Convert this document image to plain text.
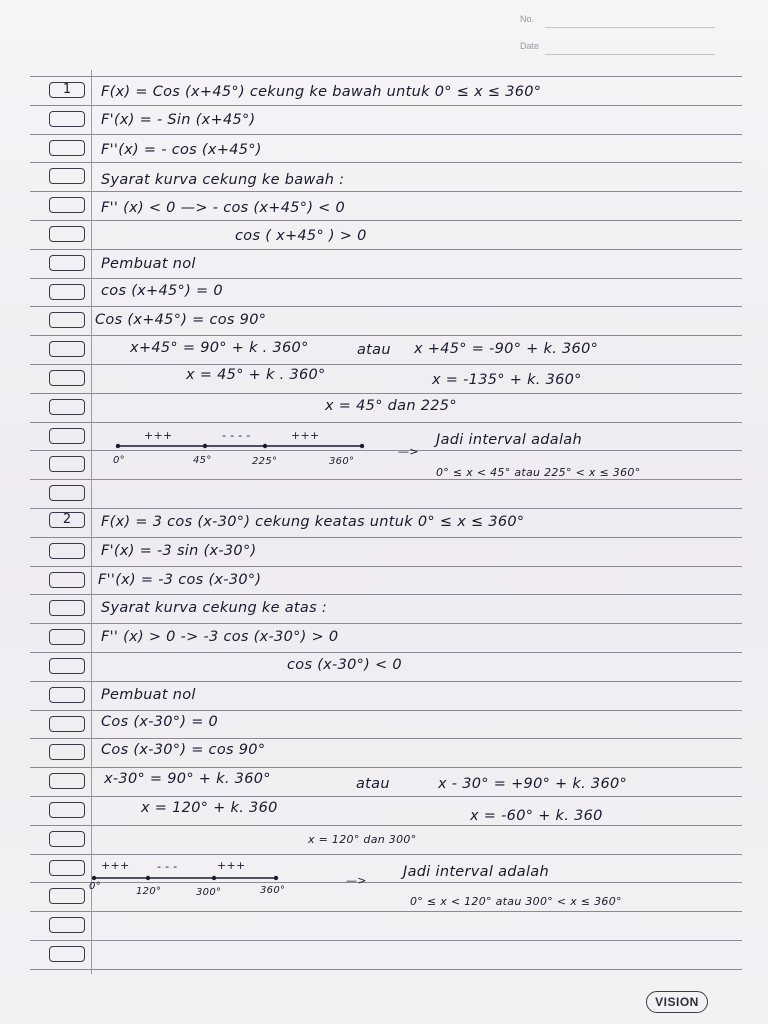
No.
Date
1	F(x) = Cos (x+45°) cekung ke bawah untuk 0° ≤ x ≤ 360°
F'(x) = - Sin (x+45°)
F''(x) = - cos (x+45°)
Syarat kurva cekung ke bawah :
F'' (x) < 0 —> - cos (x+45°) < 0
cos ( x+45° ) > 0
Pembuat nol
cos (x+45°) = 0
Cos (x+45°) = cos 90°
x+45° = 90° + k . 360°	atau x +45° = -90° + k. 360°
x = 45° + k . 360°	x = -135° + k. 360°
x = 45° dan 225°
+++	- - - -	+++
0°	45°	225°	360°
—>
Jadi interval adalah
0° ≤ x < 45° atau 225° < x ≤ 360°
2	F(x) = 3 cos (x-30°) cekung keatas untuk 0° ≤ x ≤ 360°
F'(x) = -3 sin (x-30°)
F''(x) = -3 cos (x-30°)
Syarat kurva cekung ke atas :
F'' (x) > 0 -> -3 cos (x-30°) > 0
cos (x-30°) < 0
Pembuat nol
Cos (x-30°) = 0
Cos (x-30°) = cos 90°
x-30° = 90° + k. 360°	atau	x - 30° = +90° + k. 360°
x = 120° + k. 360	x = -60° + k. 360
x = 120° dan 300°
+++ - - -	+++
0°	120°	300°	360°
—>
Jadi interval adalah
0° ≤ x < 120° atau 300° < x ≤ 360°
VISION
